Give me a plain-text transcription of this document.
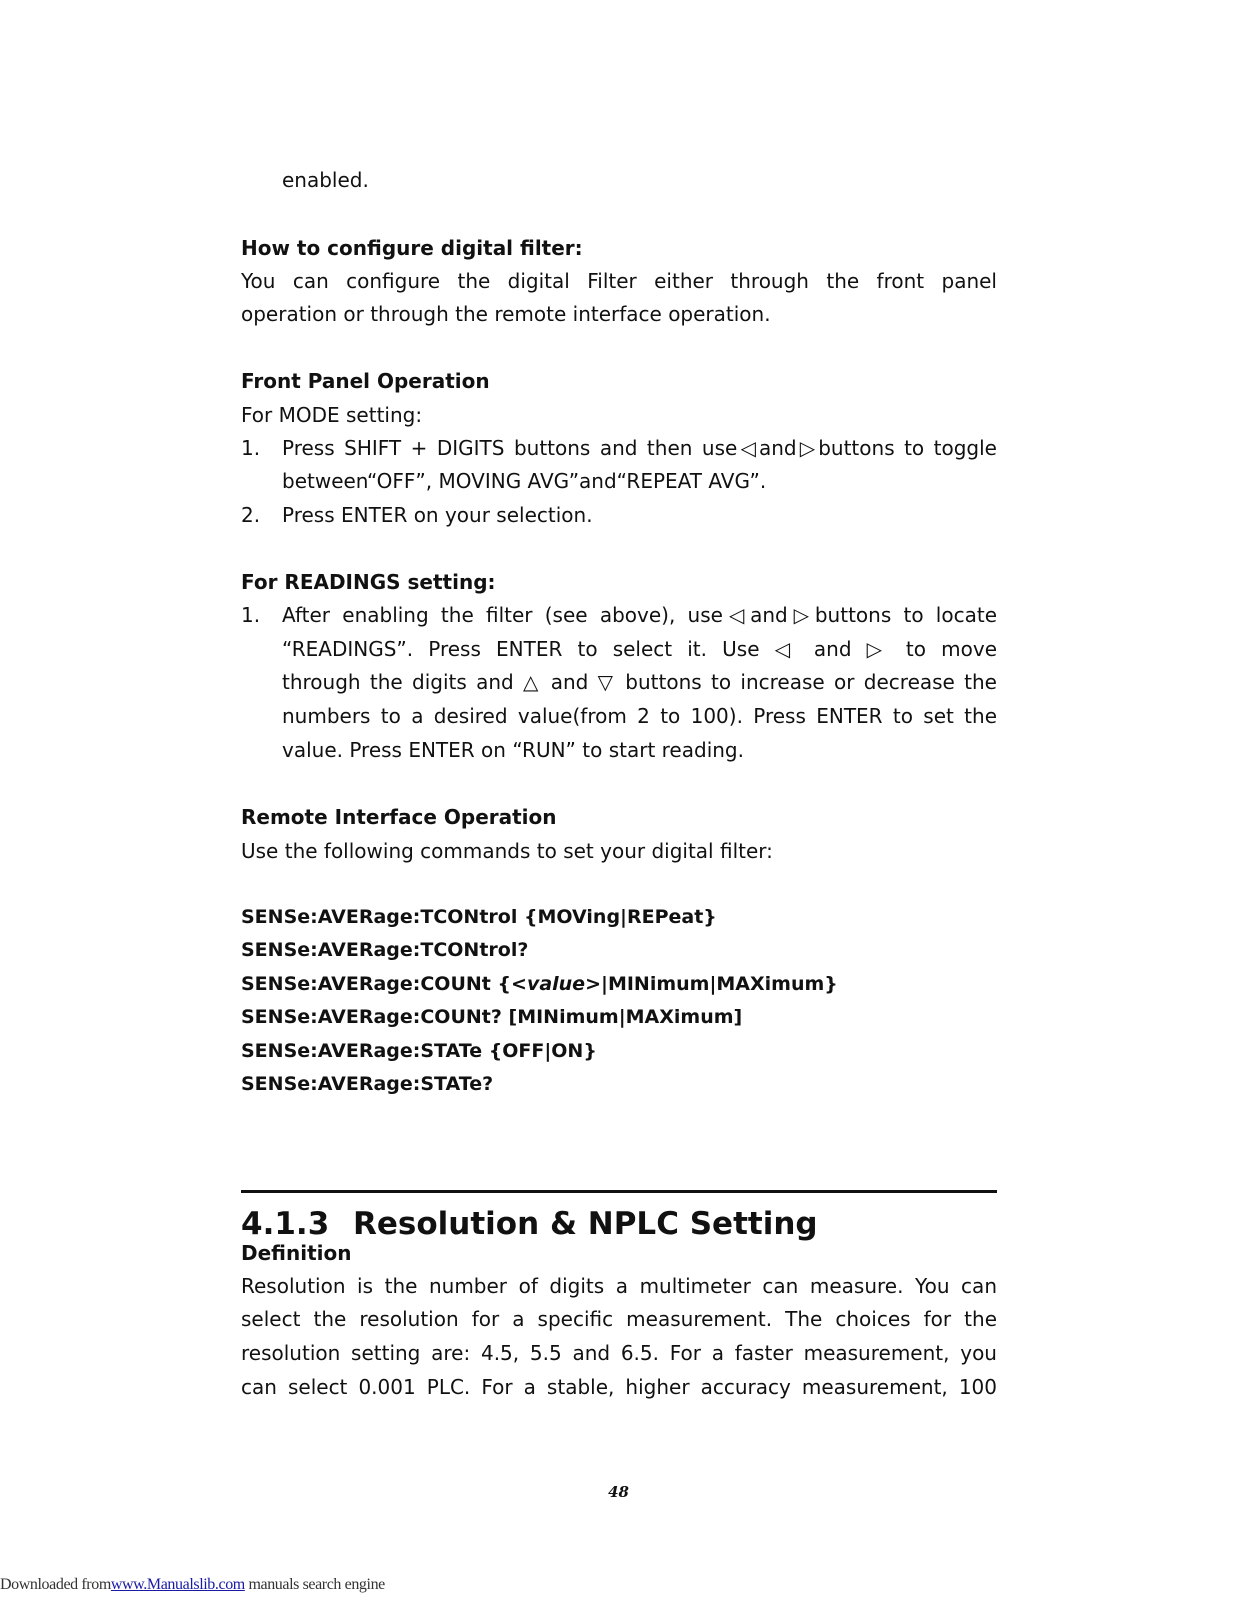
enabled.
How to configure digital filter:
You can configure the digital Filter either through the front panel
operation or through the remote interface operation.
Front Panel Operation
For MODE setting:
1. Press SHIFT + DIGITS buttons and then use◁and▷buttons to toggle
between“OFF”, MOVING AVG”and“REPEAT AVG”.
2. Press ENTER on your selection.
For READINGS setting:
1. After enabling the filter (see above), use◁and▷buttons to locate
“READINGS”. Press ENTER to select it. Use ◁ and ▷ to move
through the digits and △ and ▽ buttons to increase or decrease the
numbers to a desired value(from 2 to 100). Press ENTER to set the
value. Press ENTER on “RUN” to start reading.
Remote Interface Operation
Use the following commands to set your digital filter:
SENSe:AVERage:TCONtrol {MOVing|REPeat}
SENSe:AVERage:TCONtrol?
SENSe:AVERage:COUNt {<value>|MINimum|MAXimum}
SENSe:AVERage:COUNt? [MINimum|MAXimum]
SENSe:AVERage:STATe {OFF|ON}
SENSe:AVERage:STATe?
4.1.3 Resolution & NPLC Setting
Definition
Resolution is the number of digits a multimeter can measure. You can
select the resolution for a specific measurement. The choices for the
resolution setting are: 4.5, 5.5 and 6.5. For a faster measurement, you
can select 0.001 PLC. For a stable, higher accuracy measurement, 100
48
Downloaded fromwww.Manualslib.com manuals search engine
